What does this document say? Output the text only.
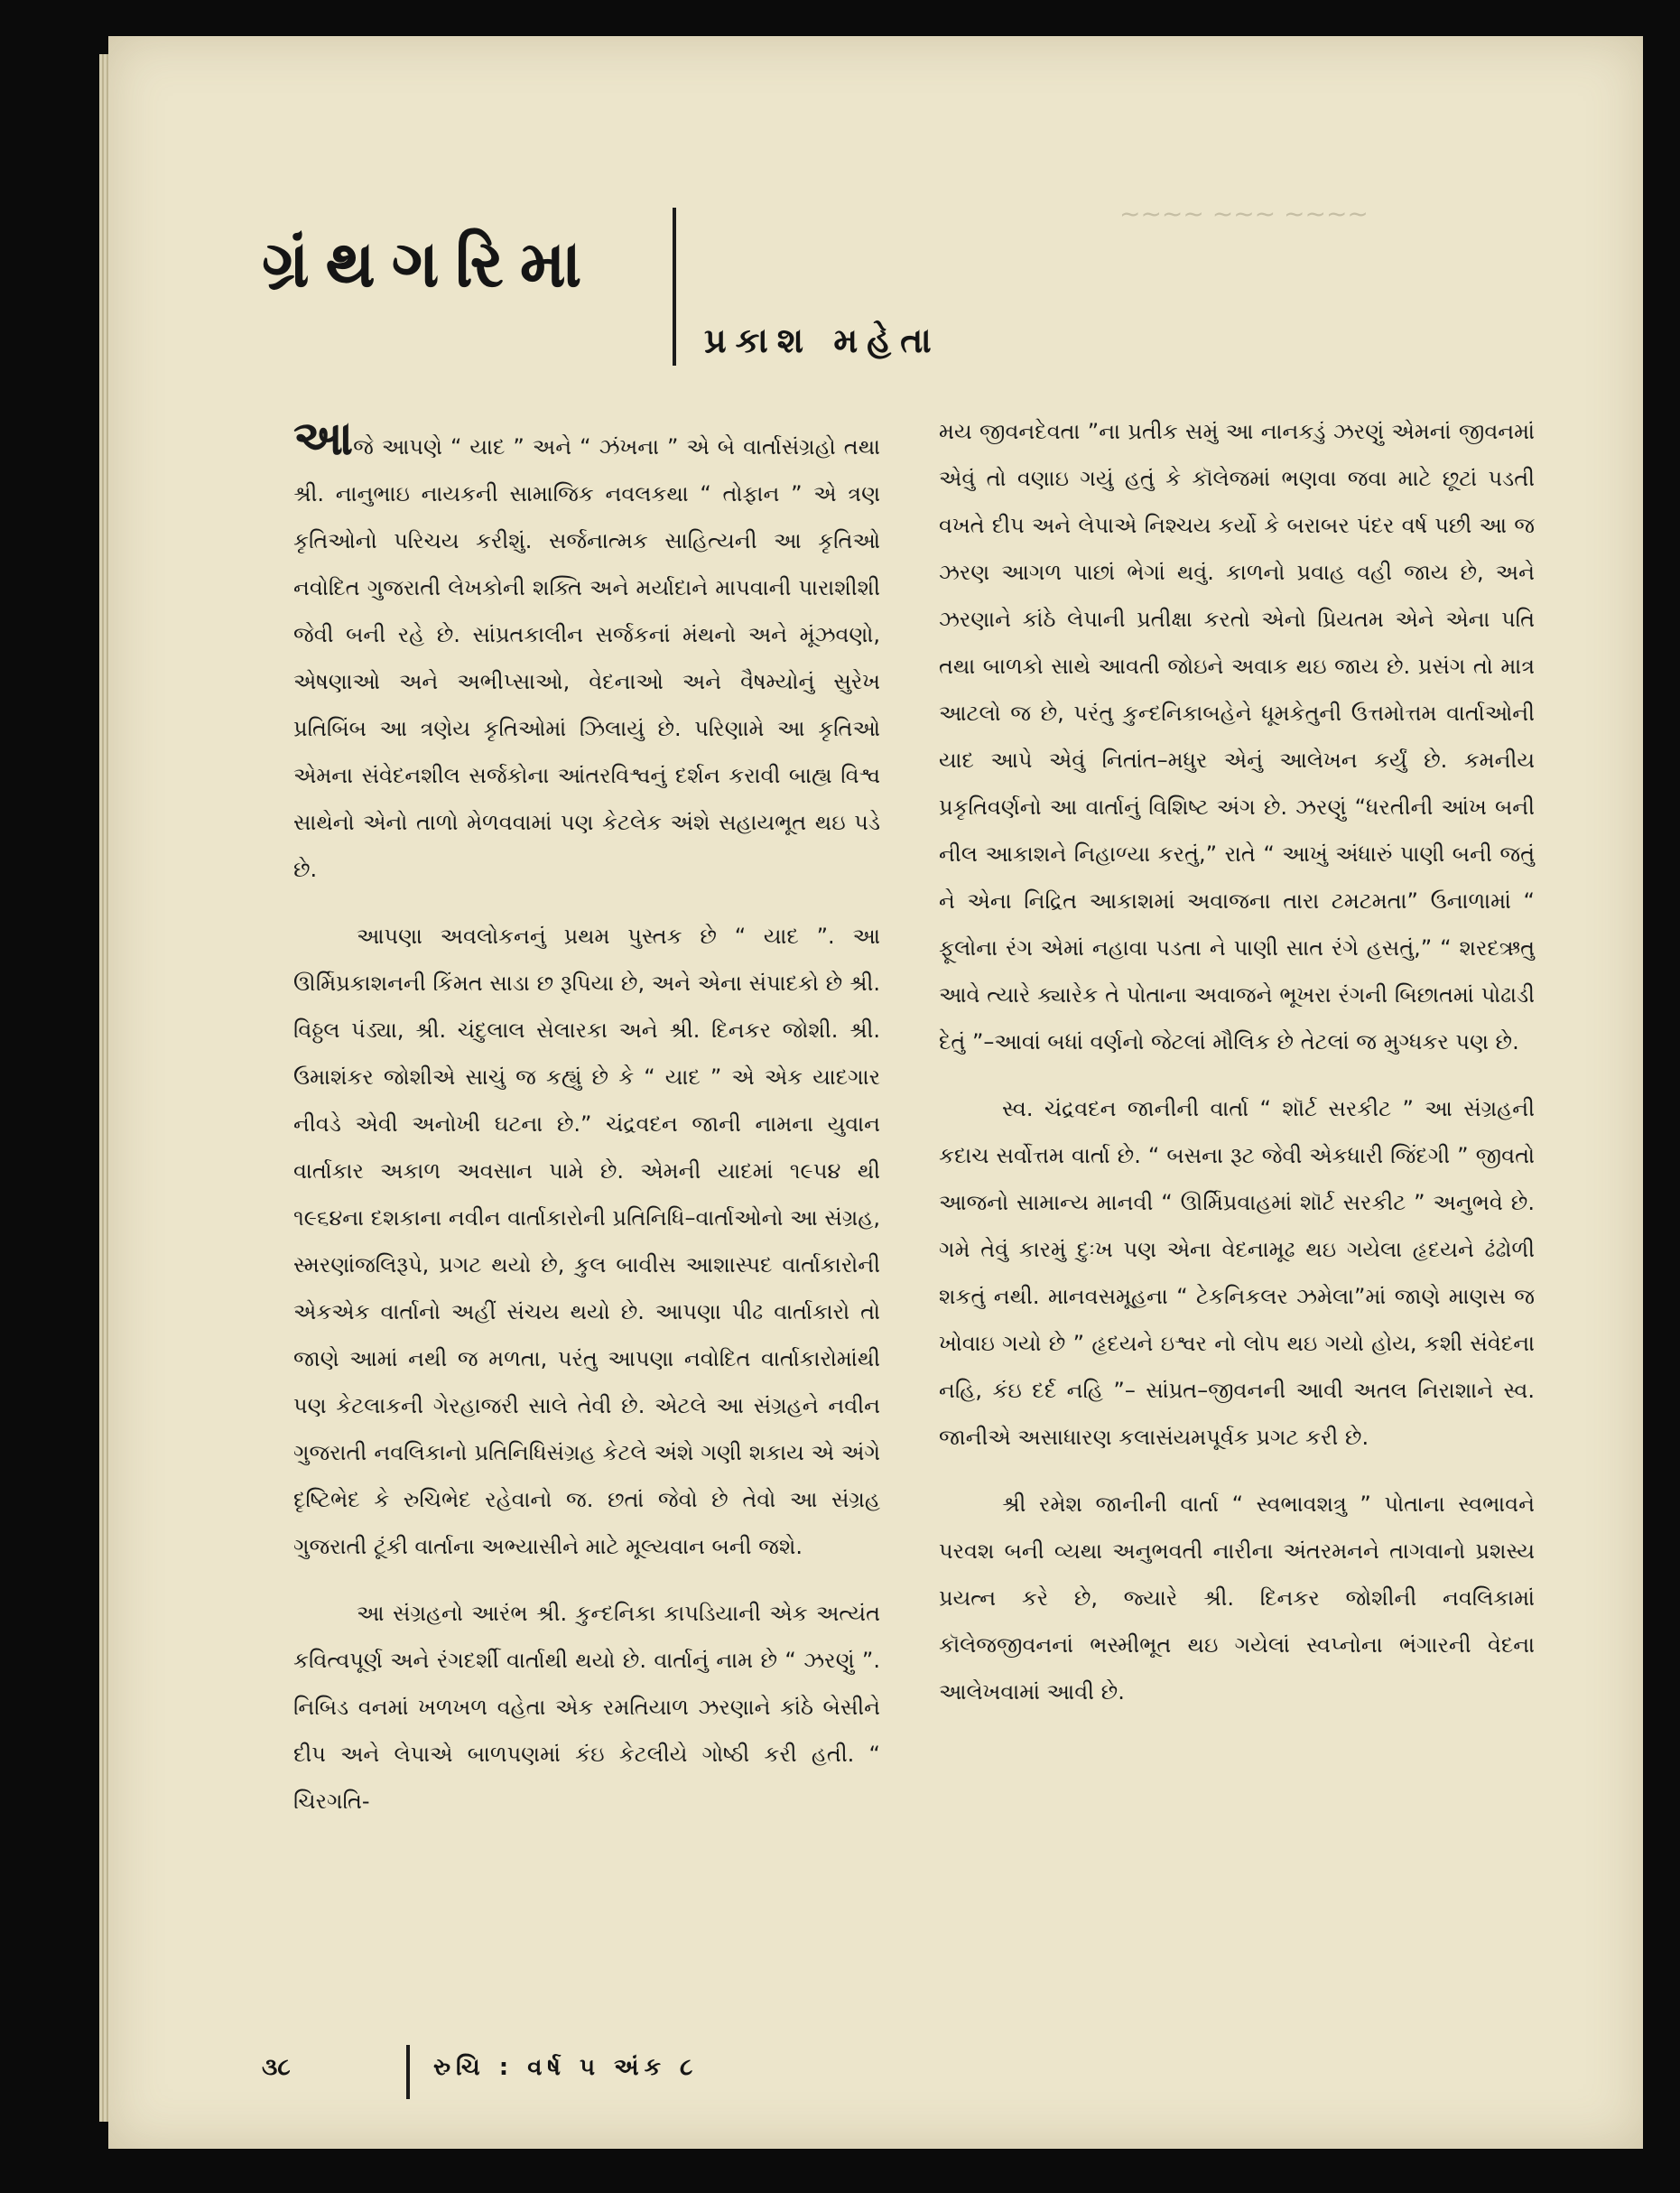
~~~~ ~~~ ~~~~
ગ્રંથગરિમા
પ્રકાશ મહેતા

આજે આપણે “ યાદ ” અને “ ઝંખના ” એ બે વાર્તાસંગ્રહો તથા શ્રી. નાનુભાઇ નાયકની સામાજિક નવલકથા “ તોફાન ” એ ત્રણ કૃતિઓનો પરિચય કરીશું. સર્જનાત્મક સાહિત્યની આ કૃતિઓ નવોદિત ગુજરાતી લેખકોની શક્તિ અને મર્યાદાને માપવાની પારાશીશી જેવી બની રહે છે. સાંપ્રતકાલીન સર્જકનાં મંથનો અને મૂંઝવણો, એષણાઓ અને અભીપ્સાઓ, વેદનાઓ અને વૈષમ્યોનું સુરેખ પ્રતિબિંબ આ ત્રણેય કૃતિઓમાં ઝિલાયું છે. પરિણામે આ કૃતિઓ એમના સંવેદનશીલ સર્જકોના આંતરવિશ્વનું દર્શન કરાવી બાહ્ય વિશ્વ સાથેનો એનો તાળો મેળવવામાં પણ કેટલેક અંશે સહાયભૂત થઇ પડે છે.

આપણા અવલોકનનું પ્રથમ પુસ્તક છે “ યાદ ”. આ ઊર્મિપ્રકાશનની કિંમત સાડા છ રૂપિયા છે, અને એના સંપાદકો છે શ્રી. વિઠ્ઠલ પંડ્યા, શ્રી. ચંદુલાલ સેલારકા અને શ્રી. દિનકર જોશી. શ્રી. ઉમાશંકર જોશીએ સાચું જ કહ્યું છે કે “ યાદ ” એ એક યાદગાર નીવડે એવી અનોખી ઘટના છે.” ચંદ્રવદન જાની નામના યુવાન વાર્તાકાર અકાળ અવસાન પામે છે. એમની યાદમાં ૧૯૫૪ થી ૧૯૬૪ના દશકાના નવીન વાર્તાકારોની પ્રતિનિધિ–વાર્તાઓનો આ સંગ્રહ, સ્મરણાંજલિરૂપે, પ્રગટ થયો છે, કુલ બાવીસ આશાસ્પદ વાર્તાકારોની એકએક વાર્તાનો અહીં સંચય થયો છે. આપણા પીઢ વાર્તાકારો તો જાણે આમાં નથી જ મળતા, પરંતુ આપણા નવોદિત વાર્તાકારોમાંથી પણ કેટલાકની ગેરહાજરી સાલે તેવી છે. એટલે આ સંગ્રહને નવીન ગુજરાતી નવલિકાનો પ્રતિનિધિસંગ્રહ કેટલે અંશે ગણી શકાય એ અંગે દૃષ્ટિભેદ કે રુચિભેદ રહેવાનો જ. છતાં જેવો છે તેવો આ સંગ્રહ ગુજરાતી ટૂંકી વાર્તાના અભ્યાસીને માટે મૂલ્યવાન બની જશે.

આ સંગ્રહનો આરંભ શ્રી. કુન્દનિકા કાપડિયાની એક અત્યંત કવિત્વપૂર્ણ અને રંગદર્શી વાર્તાથી થયો છે. વાર્તાનું નામ છે “ ઝરણું ”. નિબિડ વનમાં ખળખળ વહેતા એક રમતિયાળ ઝરણાને કાંઠે બેસીને દીપ અને લેપાએ બાળપણમાં કંઇ કેટલીયે ગોષ્ઠી કરી હતી. “ ચિરગતિ-

મય જીવનદેવતા ”ના પ્રતીક સમું આ નાનકડું ઝરણું એમનાં જીવનમાં એવું તો વણાઇ ગયું હતું કે કૉલેજમાં ભણવા જવા માટે છૂટાં પડતી વખતે દીપ અને લેપાએ નિશ્ચય કર્યો કે બરાબર પંદર વર્ષ પછી આ જ ઝરણ આગળ પાછાં ભેગાં થવું. કાળનો પ્રવાહ વહી જાય છે, અને ઝરણાને કાંઠે લેપાની પ્રતીક્ષા કરતો એનો પ્રિયતમ એને એના પતિ તથા બાળકો સાથે આવતી જોઇને અવાક થઇ જાય છે. પ્રસંગ તો માત્ર આટલો જ છે, પરંતુ કુન્દનિકાબહેને ધૂમકેતુની ઉત્તમોત્તમ વાર્તાઓની યાદ આપે એવું નિતાંત–મધુર એનું આલેખન કર્યું છે. કમનીય પ્રકૃતિવર્ણનો આ વાર્તાનું વિશિષ્ટ અંગ છે. ઝરણું “ધરતીની આંખ બની નીલ આકાશને નિહાળ્યા કરતું,” રાતે “ આખું અંધારું પાણી બની જતું ને એના નિદ્રિત આકાશમાં અવાજના તારા ટમટમતા” ઉનાળામાં “ ફૂલોના રંગ એમાં નહાવા પડતા ને પાણી સાત રંગે હસતું,” “ શરદઋતુ આવે ત્યારે ક્યારેક તે પોતાના અવાજને ભૂખરા રંગની બિછાતમાં પોઢાડી દેતું ”–આવાં બધાં વર્ણનો જેટલાં મૌલિક છે તેટલાં જ મુગ્ધકર પણ છે.

સ્વ. ચંદ્રવદન જાનીની વાર્તા “ શૉર્ટ સરકીટ ” આ સંગ્રહની કદાચ સર્વોત્તમ વાર્તા છે. “ બસના રૂટ જેવી એકધારી જિંદગી ” જીવતો આજનો સામાન્ય માનવી “ ઊર્મિપ્રવાહમાં શૉર્ટ સરકીટ ” અનુભવે છે. ગમે તેવું કારમું દુઃખ પણ એના વેદનામૂઢ થઇ ગયેલા હૃદયને ઢંઢોળી શકતું નથી. માનવસમૂહના “ ટેકનિકલર ઝમેલા”માં જાણે માણસ જ ખોવાઇ ગયો છે ” હૃદયને ઇશ્વર નો લોપ થઇ ગયો હોય, કશી સંવેદના નહિ, કંઇ દર્દ નહિ ”– સાંપ્રત–જીવનની આવી અતલ નિરાશાને સ્વ. જાનીએ અસાધારણ કલાસંયમપૂર્વક પ્રગટ કરી છે.

શ્રી રમેશ જાનીની વાર્તા “ સ્વભાવશત્રુ ” પોતાના સ્વભાવને પરવશ બની વ્યથા અનુભવતી નારીના અંતરમનને તાગવાનો પ્રશસ્ય પ્રયત્ન કરે છે, જ્યારે શ્રી. દિનકર જોશીની નવલિકામાં કૉલેજજીવનનાં ભસ્મીભૂત થઇ ગયેલાં સ્વપ્નોના ભંગારની વેદના આલેખવામાં આવી છે.

૩૮	રુચિ : વર્ષ ૫ અંક ૮
